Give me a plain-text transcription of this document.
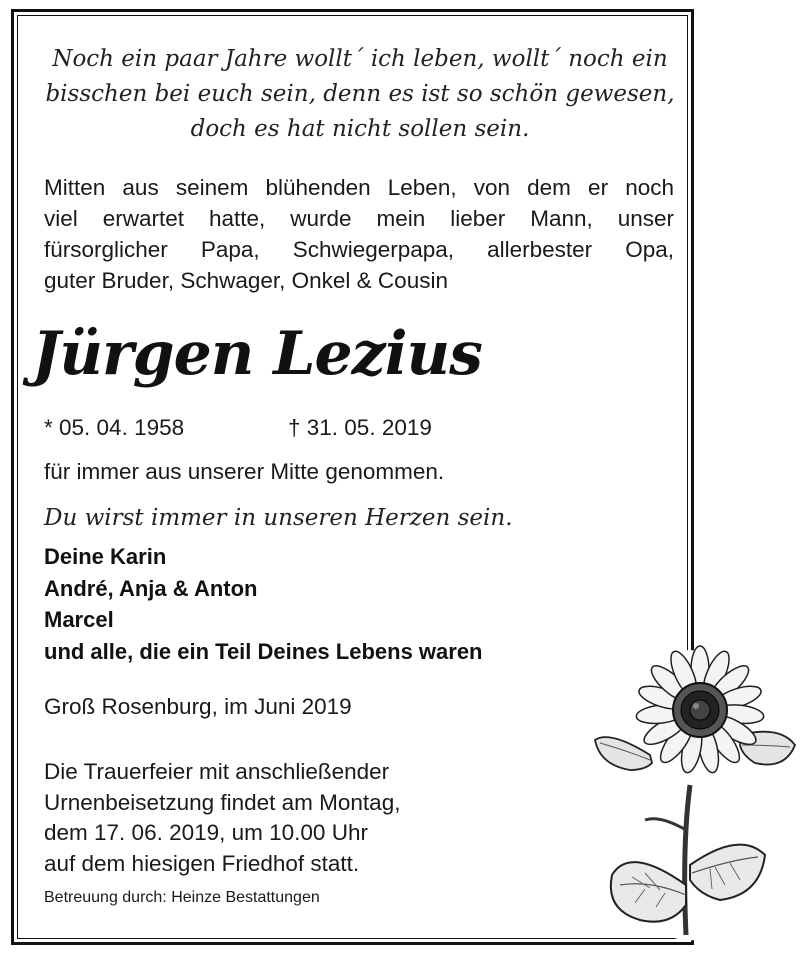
Noch ein paar Jahre wollt´ ich leben, wollt´ noch ein
bisschen bei euch sein, denn es ist so schön gewesen,
doch es hat nicht sollen sein.
Mitten aus seinem blühenden Leben, von dem er noch
viel erwartet hatte, wurde mein lieber Mann, unser
fürsorglicher Papa, Schwiegerpapa, allerbester Opa,
guter Bruder, Schwager, Onkel & Cousin
Jürgen Lezius
* 05. 04. 1958	† 31. 05. 2019
für immer aus unserer Mitte genommen.
Du wirst immer in unseren Herzen sein.
Deine Karin
André, Anja & Anton
Marcel
und alle, die ein Teil Deines Lebens waren
Groß Rosenburg, im Juni 2019
Die Trauerfeier mit anschließender
Urnenbeisetzung findet am Montag,
dem 17. 06. 2019, um 10.00 Uhr
auf dem hiesigen Friedhof statt.
Betreuung durch: Heinze Bestattungen
